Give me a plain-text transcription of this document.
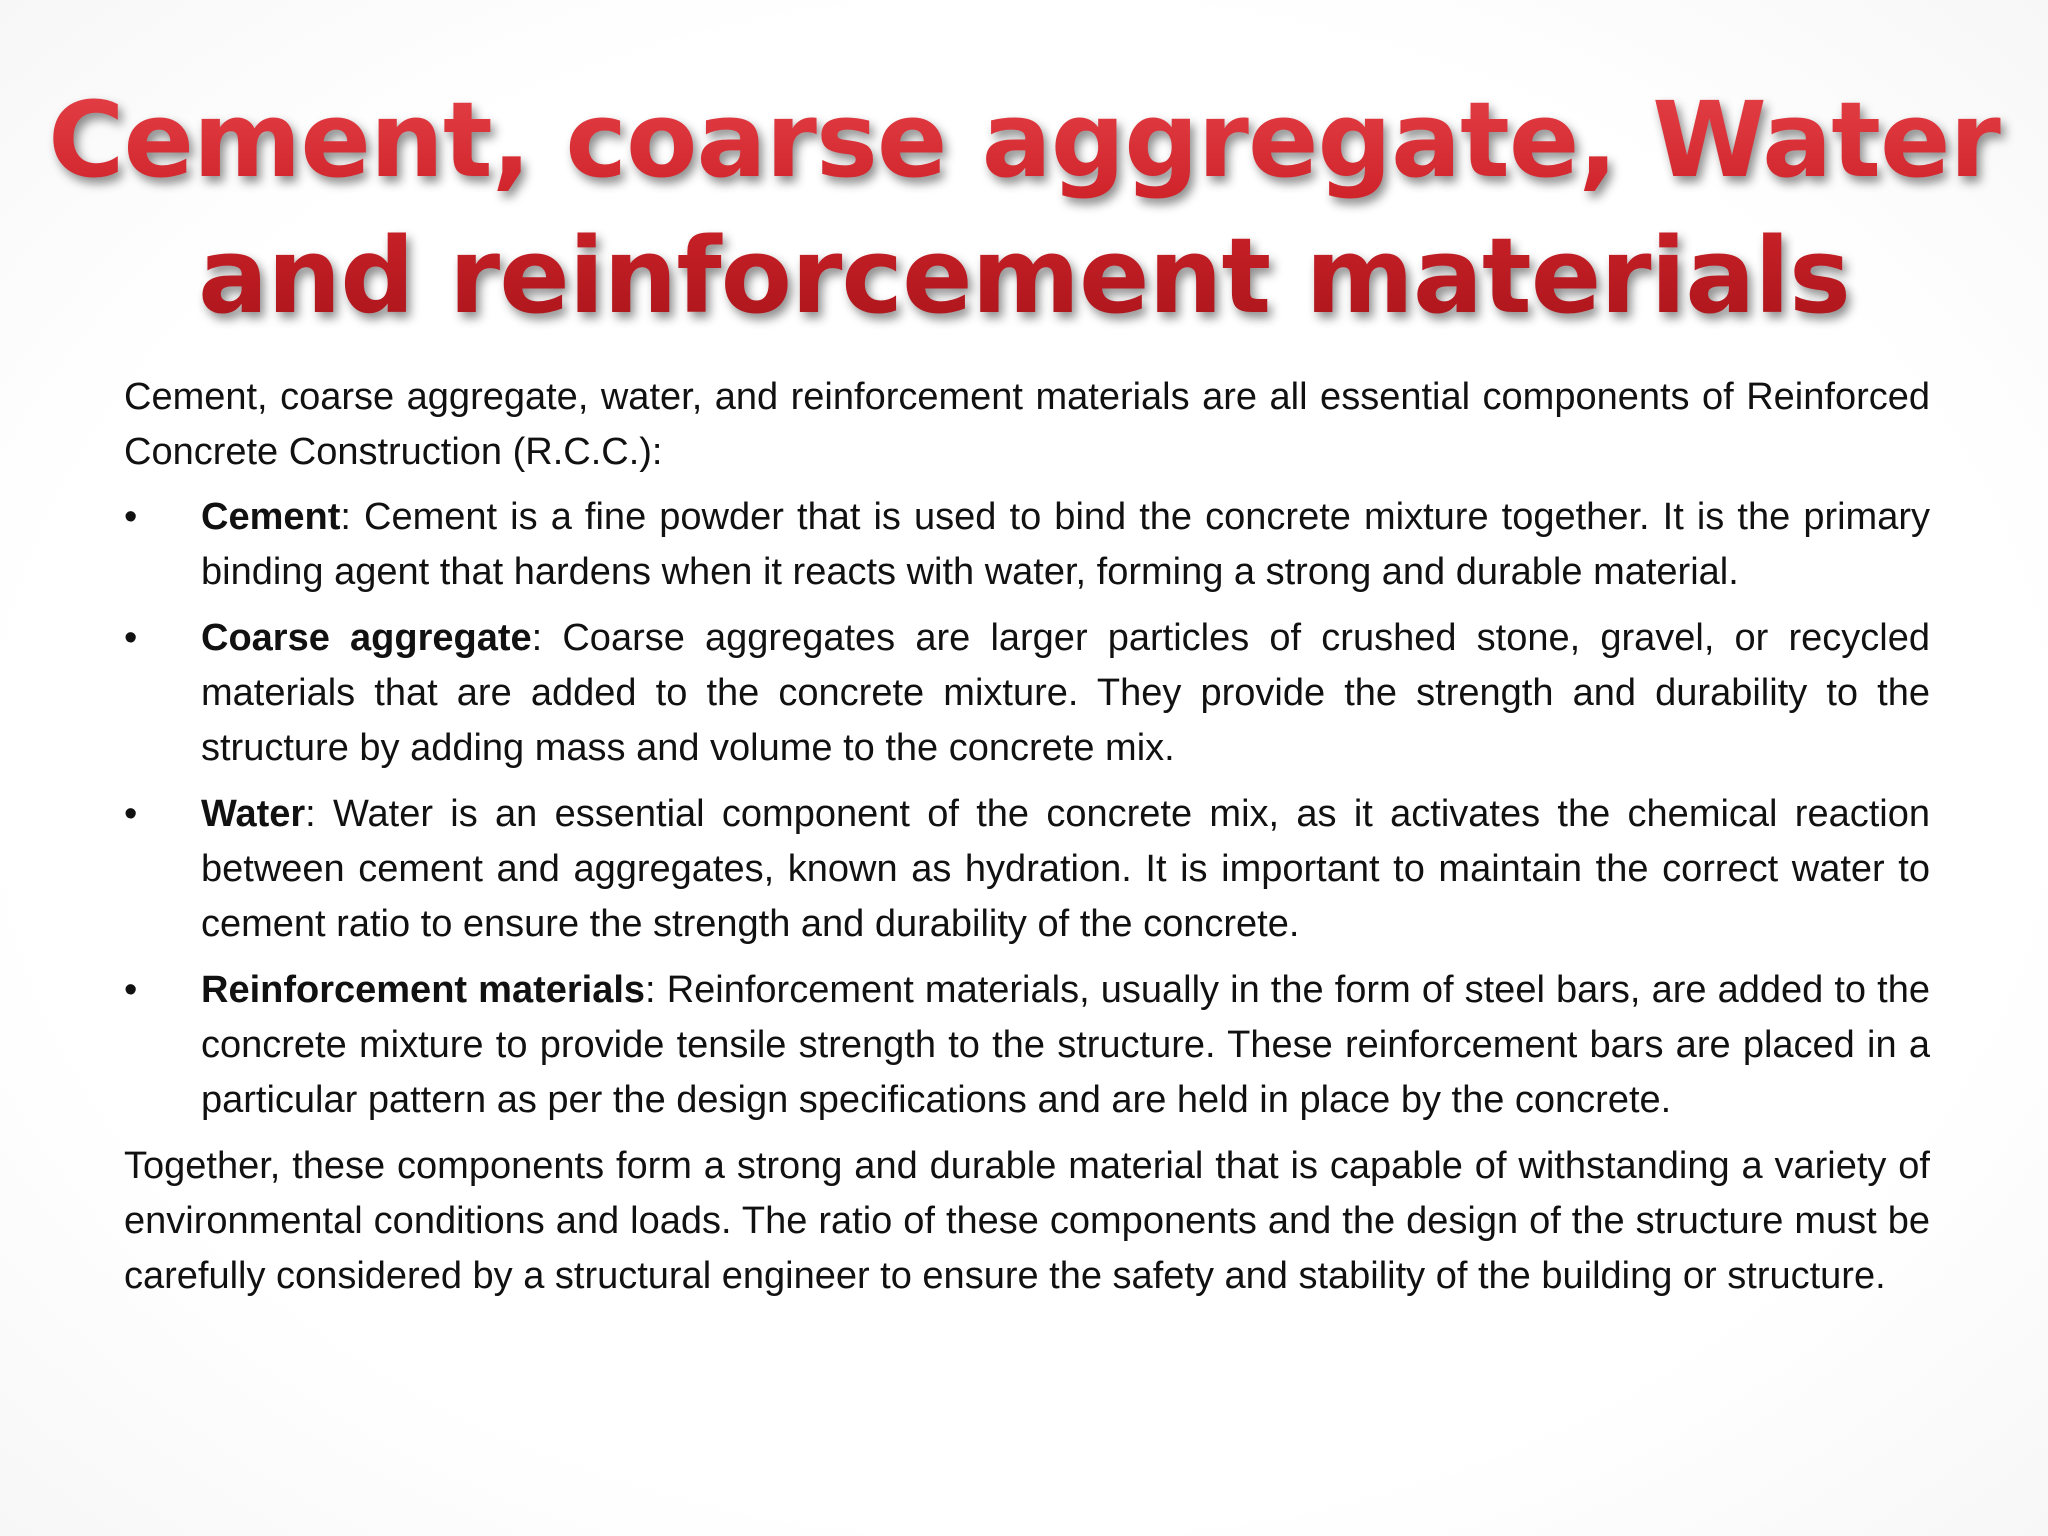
Cement, coarse aggregate, Water
and reinforcement materials

Cement, coarse aggregate, water, and reinforcement materials are all essential components of Reinforced Concrete Construction (R.C.C.):

•	Cement: Cement is a fine powder that is used to bind the concrete mixture together. It is the primary binding agent that hardens when it reacts with water, forming a strong and durable material.
•	Coarse aggregate: Coarse aggregates are larger particles of crushed stone, gravel, or recycled materials that are added to the concrete mixture. They provide the strength and durability to the structure by adding mass and volume to the concrete mix.
•	Water: Water is an essential component of the concrete mix, as it activates the chemical reaction between cement and aggregates, known as hydration. It is important to maintain the correct water to cement ratio to ensure the strength and durability of the concrete.
•	Reinforcement materials: Reinforcement materials, usually in the form of steel bars, are added to the concrete mixture to provide tensile strength to the structure. These reinforcement bars are placed in a particular pattern as per the design specifications and are held in place by the concrete.

Together, these components form a strong and durable material that is capable of withstanding a variety of environmental conditions and loads. The ratio of these components and the design of the structure must be carefully considered by a structural engineer to ensure the safety and stability of the building or structure.
